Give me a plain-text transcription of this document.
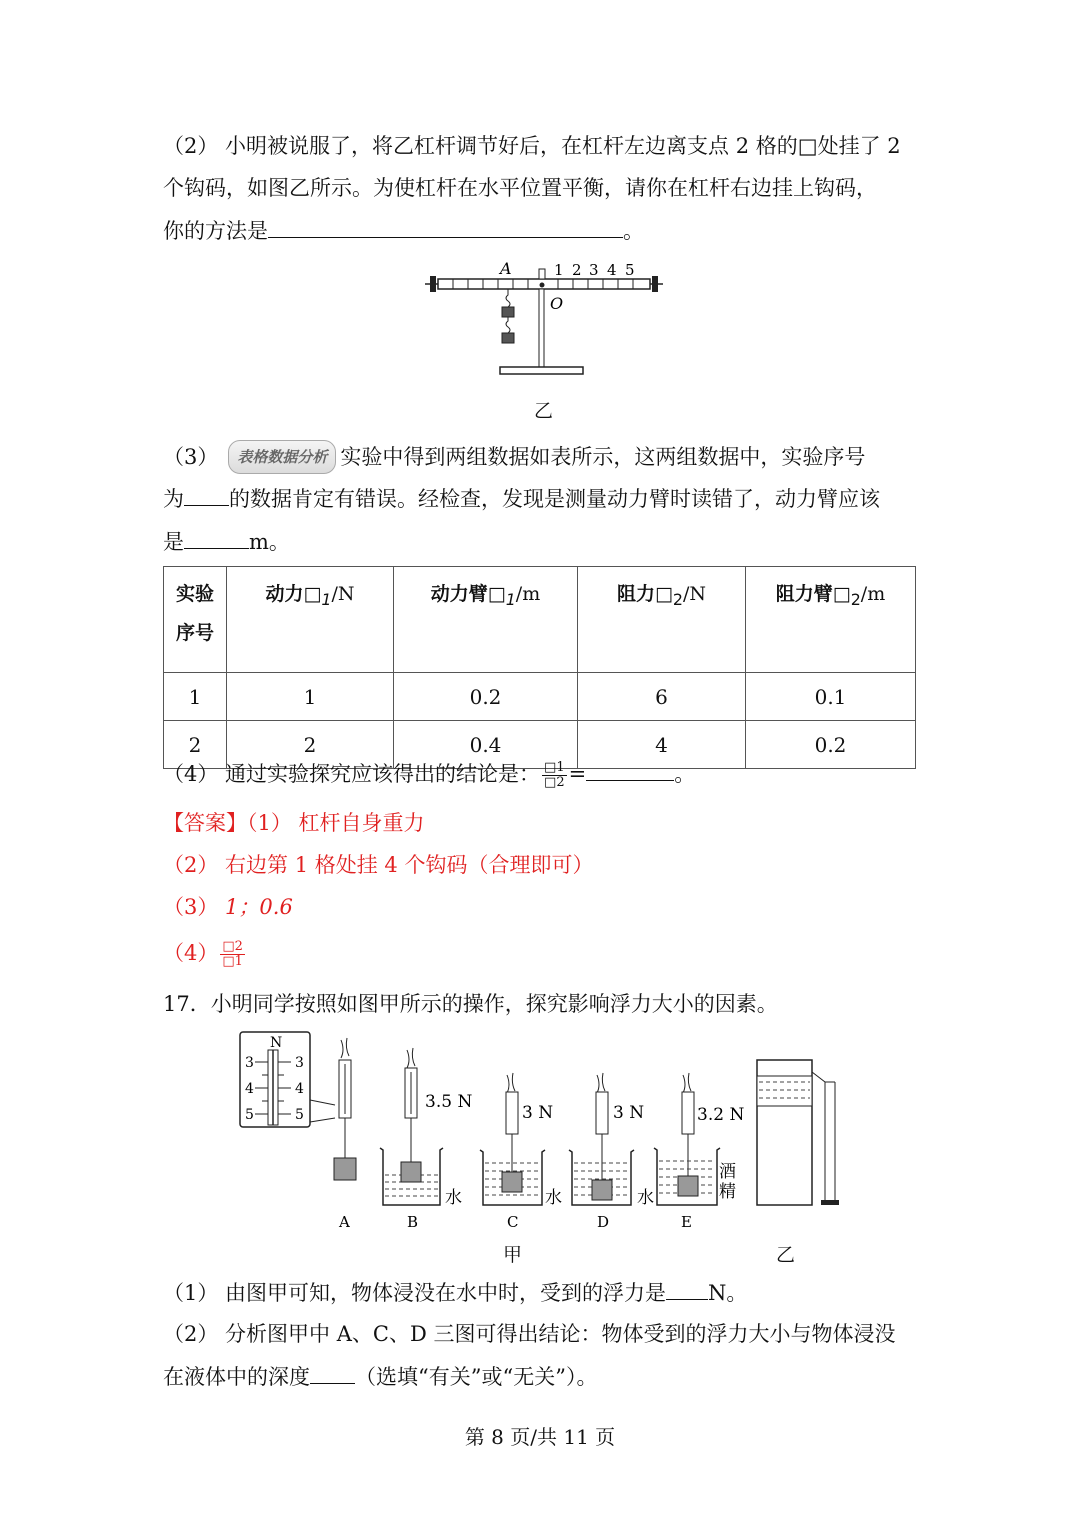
（2） 小明被说服了，将乙杠杆调节好后，在杠杆左边离支点 2 格的□处挂了 2
个钩码，如图乙所示。为使杠杆在水平位置平衡，请你在杠杆右边挂上钩码，
你的方法是	。
A
O
1 2 3 4 5
乙
（3） 表格数据分析 实验中得到两组数据如表所示，这两组数据中，实验序号
为 的数据肯定有错误。经检查，发现是测量动力臂时读错了，动力臂应该
是	m。
实验
序号	动力$□_1/N$	动力臂$□_1/m$	阻力$□_2/N$	阻力臂$□_2/m$
1	1	0.2	6	0.1
2	2	0.4	4	0.2
（4） 通过实验探究应该得出的结论是： $\frac{□1}{□2}$ =	。
【答案】（1） 杠杆自身重力
（2） 右边第 1 格处挂 4 个钩码（合理即可）
（3） 1；0.6
$(4) \frac{□2}{□1}$
17．小明同学按照如图甲所示的操作，探究影响浮力大小的因素。
N
3
4
5
3
4
5
3.5 N
3 N	3 N	3.2 N
水	水	水
酒
精
A	B	C	D	E
甲	乙
（1） 由图甲可知，物体浸没在水中时，受到的浮力是 N。
（2） 分析图甲中 A、C、D 三图可得出结论：物体受到的浮力大小与物体浸没
在液体中的深度 （选填“有关”或“无关”）。
第 8 页/共 11 页
